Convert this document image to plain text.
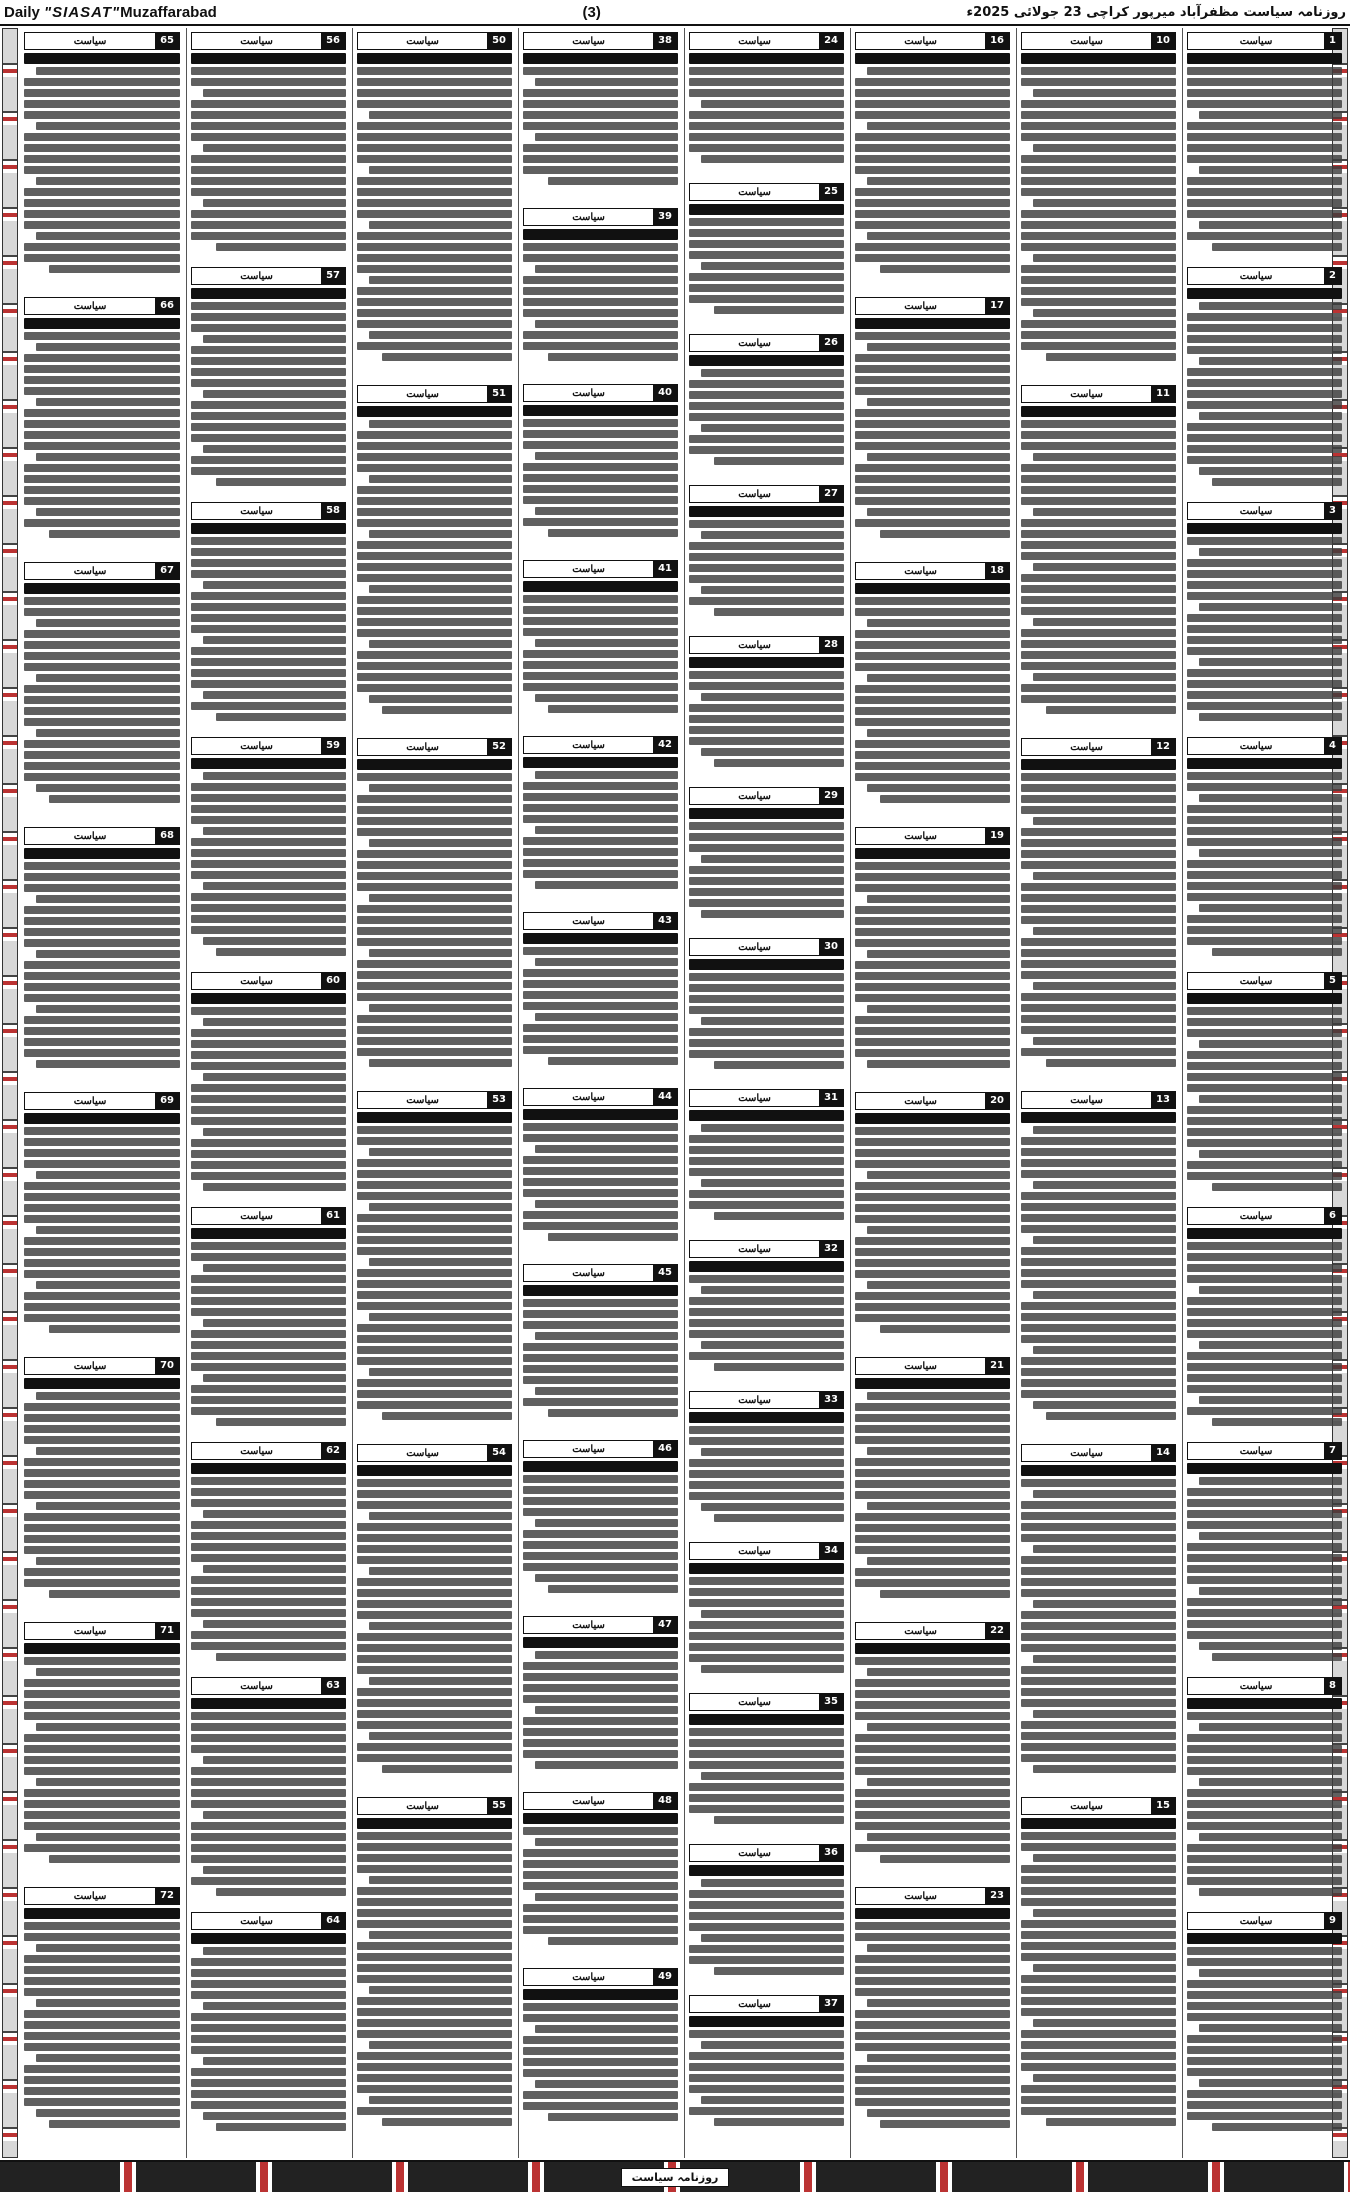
Daily "SIASAT"Muzaffarabad	(3)	روزنامہ سیاست مظفرآباد میرپور کراچی 23 جولائی 2025ء
سیاست	65
سیاست	66
سیاست	67
سیاست	68
سیاست	69
سیاست	70
سیاست	71
سیاست	72
سیاست	56
سیاست	57
سیاست	58
سیاست	59
سیاست	60
سیاست	61
سیاست	62
سیاست	63
سیاست	64
سیاست	50
سیاست	51
سیاست	52
سیاست	53
سیاست	54
سیاست	55
سیاست	38
سیاست	39
سیاست	40
سیاست	41
سیاست	42
سیاست	43
سیاست	44
سیاست	45
سیاست	46
سیاست	47
سیاست	48
سیاست	49
سیاست	24
سیاست	25
سیاست	26
سیاست	27
سیاست	28
سیاست	29
سیاست	30
سیاست	31
سیاست	32
سیاست	33
سیاست	34
سیاست	35
سیاست	36
سیاست	37
سیاست	16
سیاست	17
سیاست	18
سیاست	19
سیاست	20
سیاست	21
سیاست	22
سیاست	23
سیاست	10
سیاست	11
سیاست	12
سیاست	13
سیاست	14
سیاست	15
سیاست	1
سیاست	2
سیاست	3
سیاست	4
سیاست	5
سیاست	6
سیاست	7
سیاست	8
سیاست	9
روزنامہ سیاست
